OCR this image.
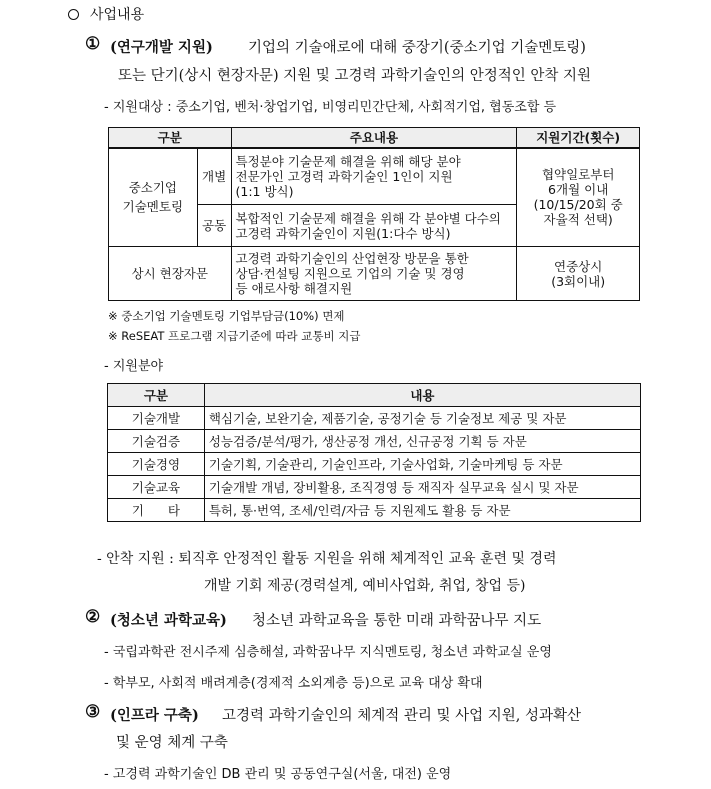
사업내용
① (연구개발 지원) 기업의 기술애로에 대해 중장기(중소기업 기술멘토링)
또는 단기(상시 현장자문) 지원 및 고경력 과학기술인의 안정적인 안착 지원
- 지원대상 : 중소기업, 벤처·창업기업, 비영리민간단체, 사회적기업, 협동조합 등
구분		주요내용	지원기간(횟수)

중소기업
기술멘토링	개별	특정분야 기술문제 해결을 위해 해당 분야
전문가인 고경력 과학기술인 1인이 지원
(1:1 방식)	협약일로부터
6개월 이내
(10/15/20회 중
자율적 선택)

	공동	복합적인 기술문제 해결을 위해 각 분야별 다수의
고경력 과학기술인이 지원(1:다수 방식)	

상시 현장자문		고경력 과학기술인의 산업현장 방문을 통한
상담·컨설팅 지원으로 기업의 기술 및 경영
등 애로사항 해결지원	연중상시
(3회이내)
※ 중소기업 기술멘토링 기업부담금(10%) 면제
※ ReSEAT 프로그램 지급기준에 따라 교통비 지급
- 지원분야
구분	내용
기술개발	핵심기술, 보완기술, 제품기술, 공정기술 등 기술정보 제공 및 자문
기술검증	성능검증/분석/평가, 생산공정 개선, 신규공정 기획 등 자문
기술경영	기술기획, 기술관리, 기술인프라, 기술사업화, 기술마케팅 등 자문
기술교육	기술개발 개념, 장비활용, 조직경영 등 재직자 실무교육 실시 및 자문
기 타	특허, 통·번역, 조세/인력/자금 등 지원제도 활용 등 자문
- 안착 지원 : 퇴직후 안정적인 활동 지원을 위해 체계적인 교육 훈련 및 경력
개발 기회 제공(경력설계, 예비사업화, 취업, 창업 등)
② (청소년 과학교육) 청소년 과학교육을 통한 미래 과학꿈나무 지도
- 국립과학관 전시주제 심층해설, 과학꿈나무 지식멘토링, 청소년 과학교실 운영
- 학부모, 사회적 배려계층(경제적 소외계층 등)으로 교육 대상 확대
③ (인프라 구축) 고경력 과학기술인의 체계적 관리 및 사업 지원, 성과확산
및 운영 체계 구축
- 고경력 과학기술인 DB 관리 및 공동연구실(서울, 대전) 운영
